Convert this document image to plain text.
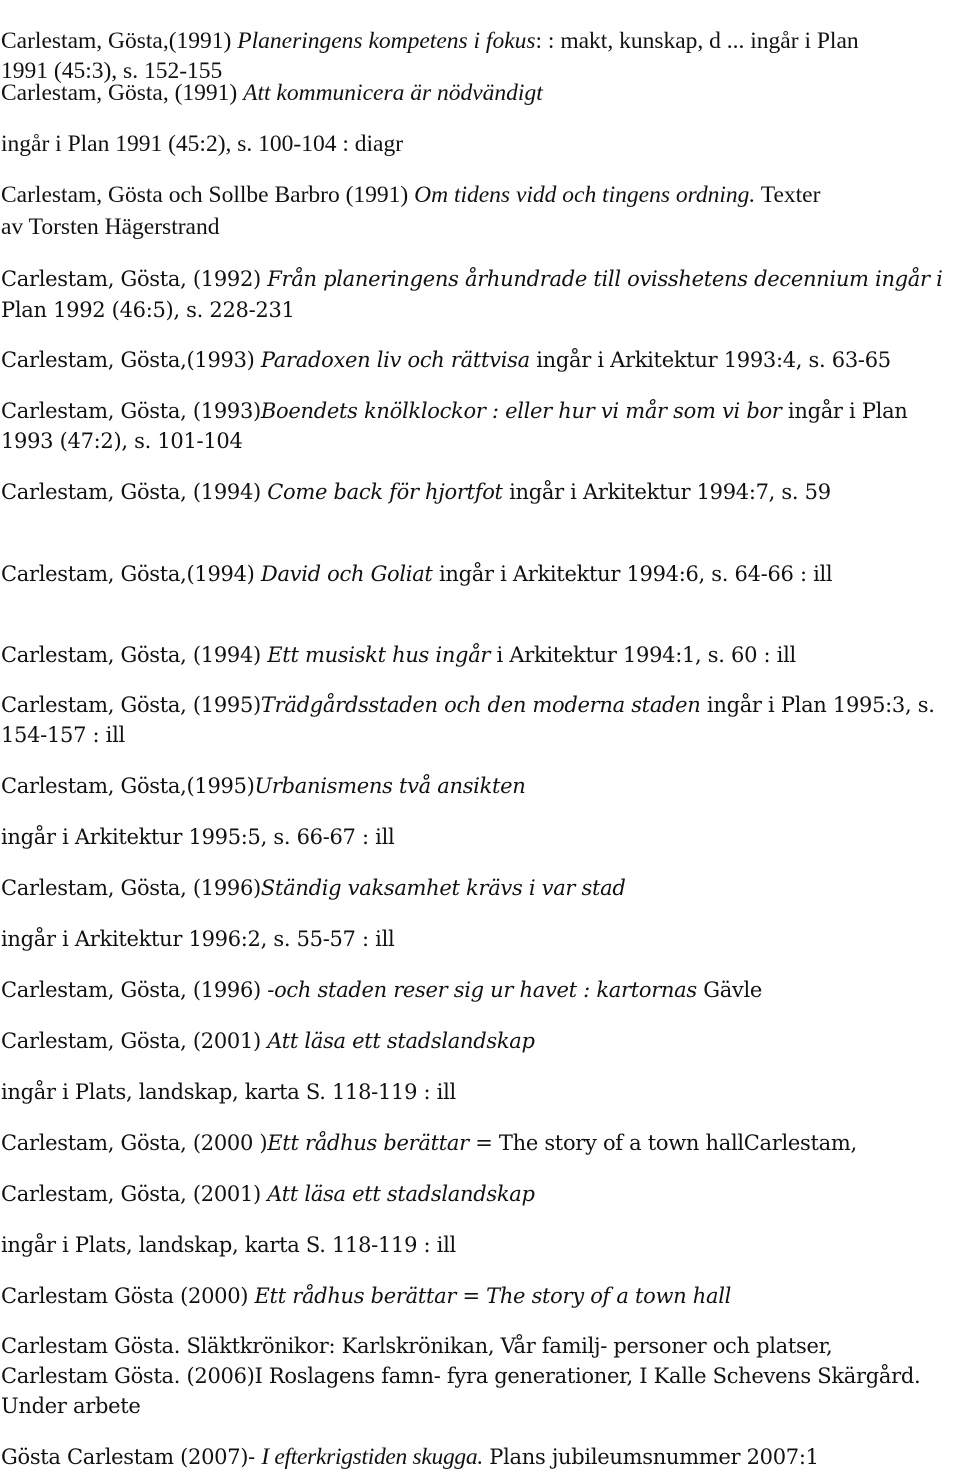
Carlestam, Gösta,(1991) Planeringens kompetens i fokus: : makt, kunskap, d ... ingår i Plan
1991 (45:3), s. 152-155
Carlestam, Gösta, (1991) Att kommunicera är nödvändigt
ingår i Plan 1991 (45:2), s. 100-104 : diagr
Carlestam, Gösta och Sollbe Barbro (1991) Om tidens vidd och tingens ordning. Texter
av Torsten Hägerstrand
Carlestam, Gösta, (1992) Från planeringens århundrade till ovisshetens decennium ingår i
Plan 1992 (46:5), s. 228-231
Carlestam, Gösta,(1993) Paradoxen liv och rättvisa ingår i Arkitektur 1993:4, s. 63-65
Carlestam, Gösta, (1993)Boendets knölklockor : eller hur vi mår som vi bor ingår i Plan
1993 (47:2), s. 101-104
Carlestam, Gösta, (1994) Come back för hjortfot ingår i Arkitektur 1994:7, s. 59
Carlestam, Gösta,(1994) David och Goliat ingår i Arkitektur 1994:6, s. 64-66 : ill
Carlestam, Gösta, (1994) Ett musiskt hus ingår i Arkitektur 1994:1, s. 60 : ill
Carlestam, Gösta, (1995)Trädgårdsstaden och den moderna staden ingår i Plan 1995:3, s.
154-157 : ill
Carlestam, Gösta,(1995)Urbanismens två ansikten
ingår i Arkitektur 1995:5, s. 66-67 : ill
Carlestam, Gösta, (1996)Ständig vaksamhet krävs i var stad
ingår i Arkitektur 1996:2, s. 55-57 : ill
Carlestam, Gösta, (1996) -och staden reser sig ur havet : kartornas Gävle
Carlestam, Gösta, (2001) Att läsa ett stadslandskap
ingår i Plats, landskap, karta S. 118-119 : ill
Carlestam, Gösta, (2000 )Ett rådhus berättar = The story of a town hallCarlestam,
Carlestam, Gösta, (2001) Att läsa ett stadslandskap
ingår i Plats, landskap, karta S. 118-119 : ill
Carlestam Gösta (2000) Ett rådhus berättar = The story of a town hall
Carlestam Gösta. Släktkrönikor: Karlskrönikan, Vår familj- personer och platser,
Carlestam Gösta. (2006)I Roslagens famn- fyra generationer, I Kalle Schevens Skärgård.
Under arbete
Gösta Carlestam (2007)- I efterkrigstiden skugga. Plans jubileumsnummer 2007:1
